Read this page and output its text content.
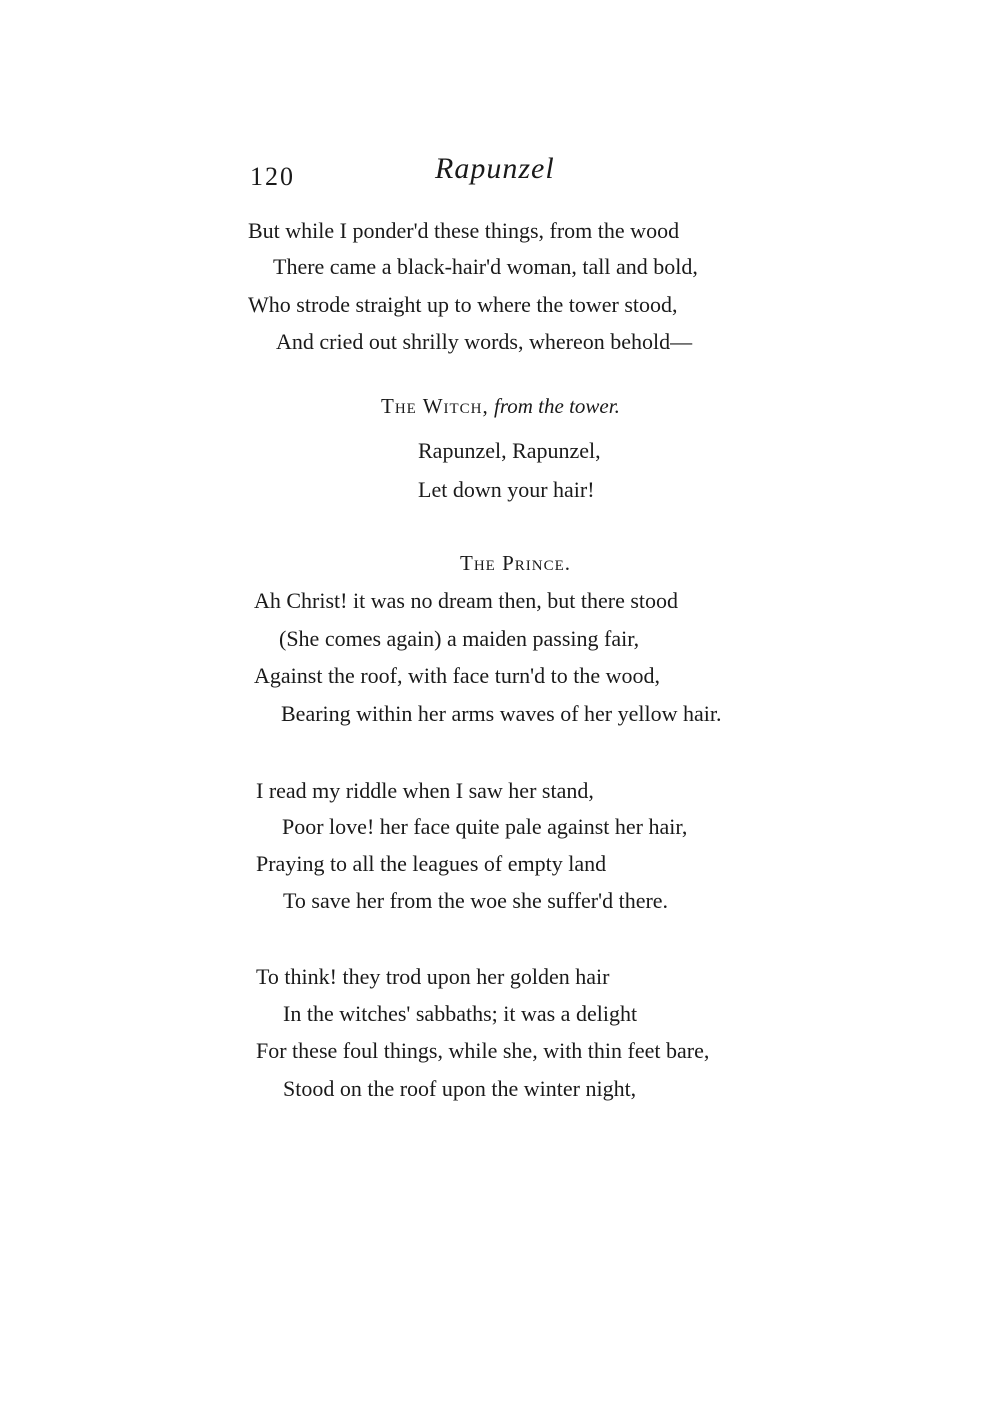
120	Rapunzel
But while I ponder'd these things, from the wood
There came a black-hair'd woman, tall and bold,
Who strode straight up to where the tower stood,
And cried out shrilly words, whereon behold—
The Witch, from the tower.
Rapunzel, Rapunzel,
Let down your hair!
The Prince.
Ah Christ! it was no dream then, but there stood
(She comes again) a maiden passing fair,
Against the roof, with face turn'd to the wood,
Bearing within her arms waves of her yellow hair.
I read my riddle when I saw her stand,
Poor love! her face quite pale against her hair,
Praying to all the leagues of empty land
To save her from the woe she suffer'd there.
To think! they trod upon her golden hair
In the witches' sabbaths; it was a delight
For these foul things, while she, with thin feet bare,
Stood on the roof upon the winter night,
